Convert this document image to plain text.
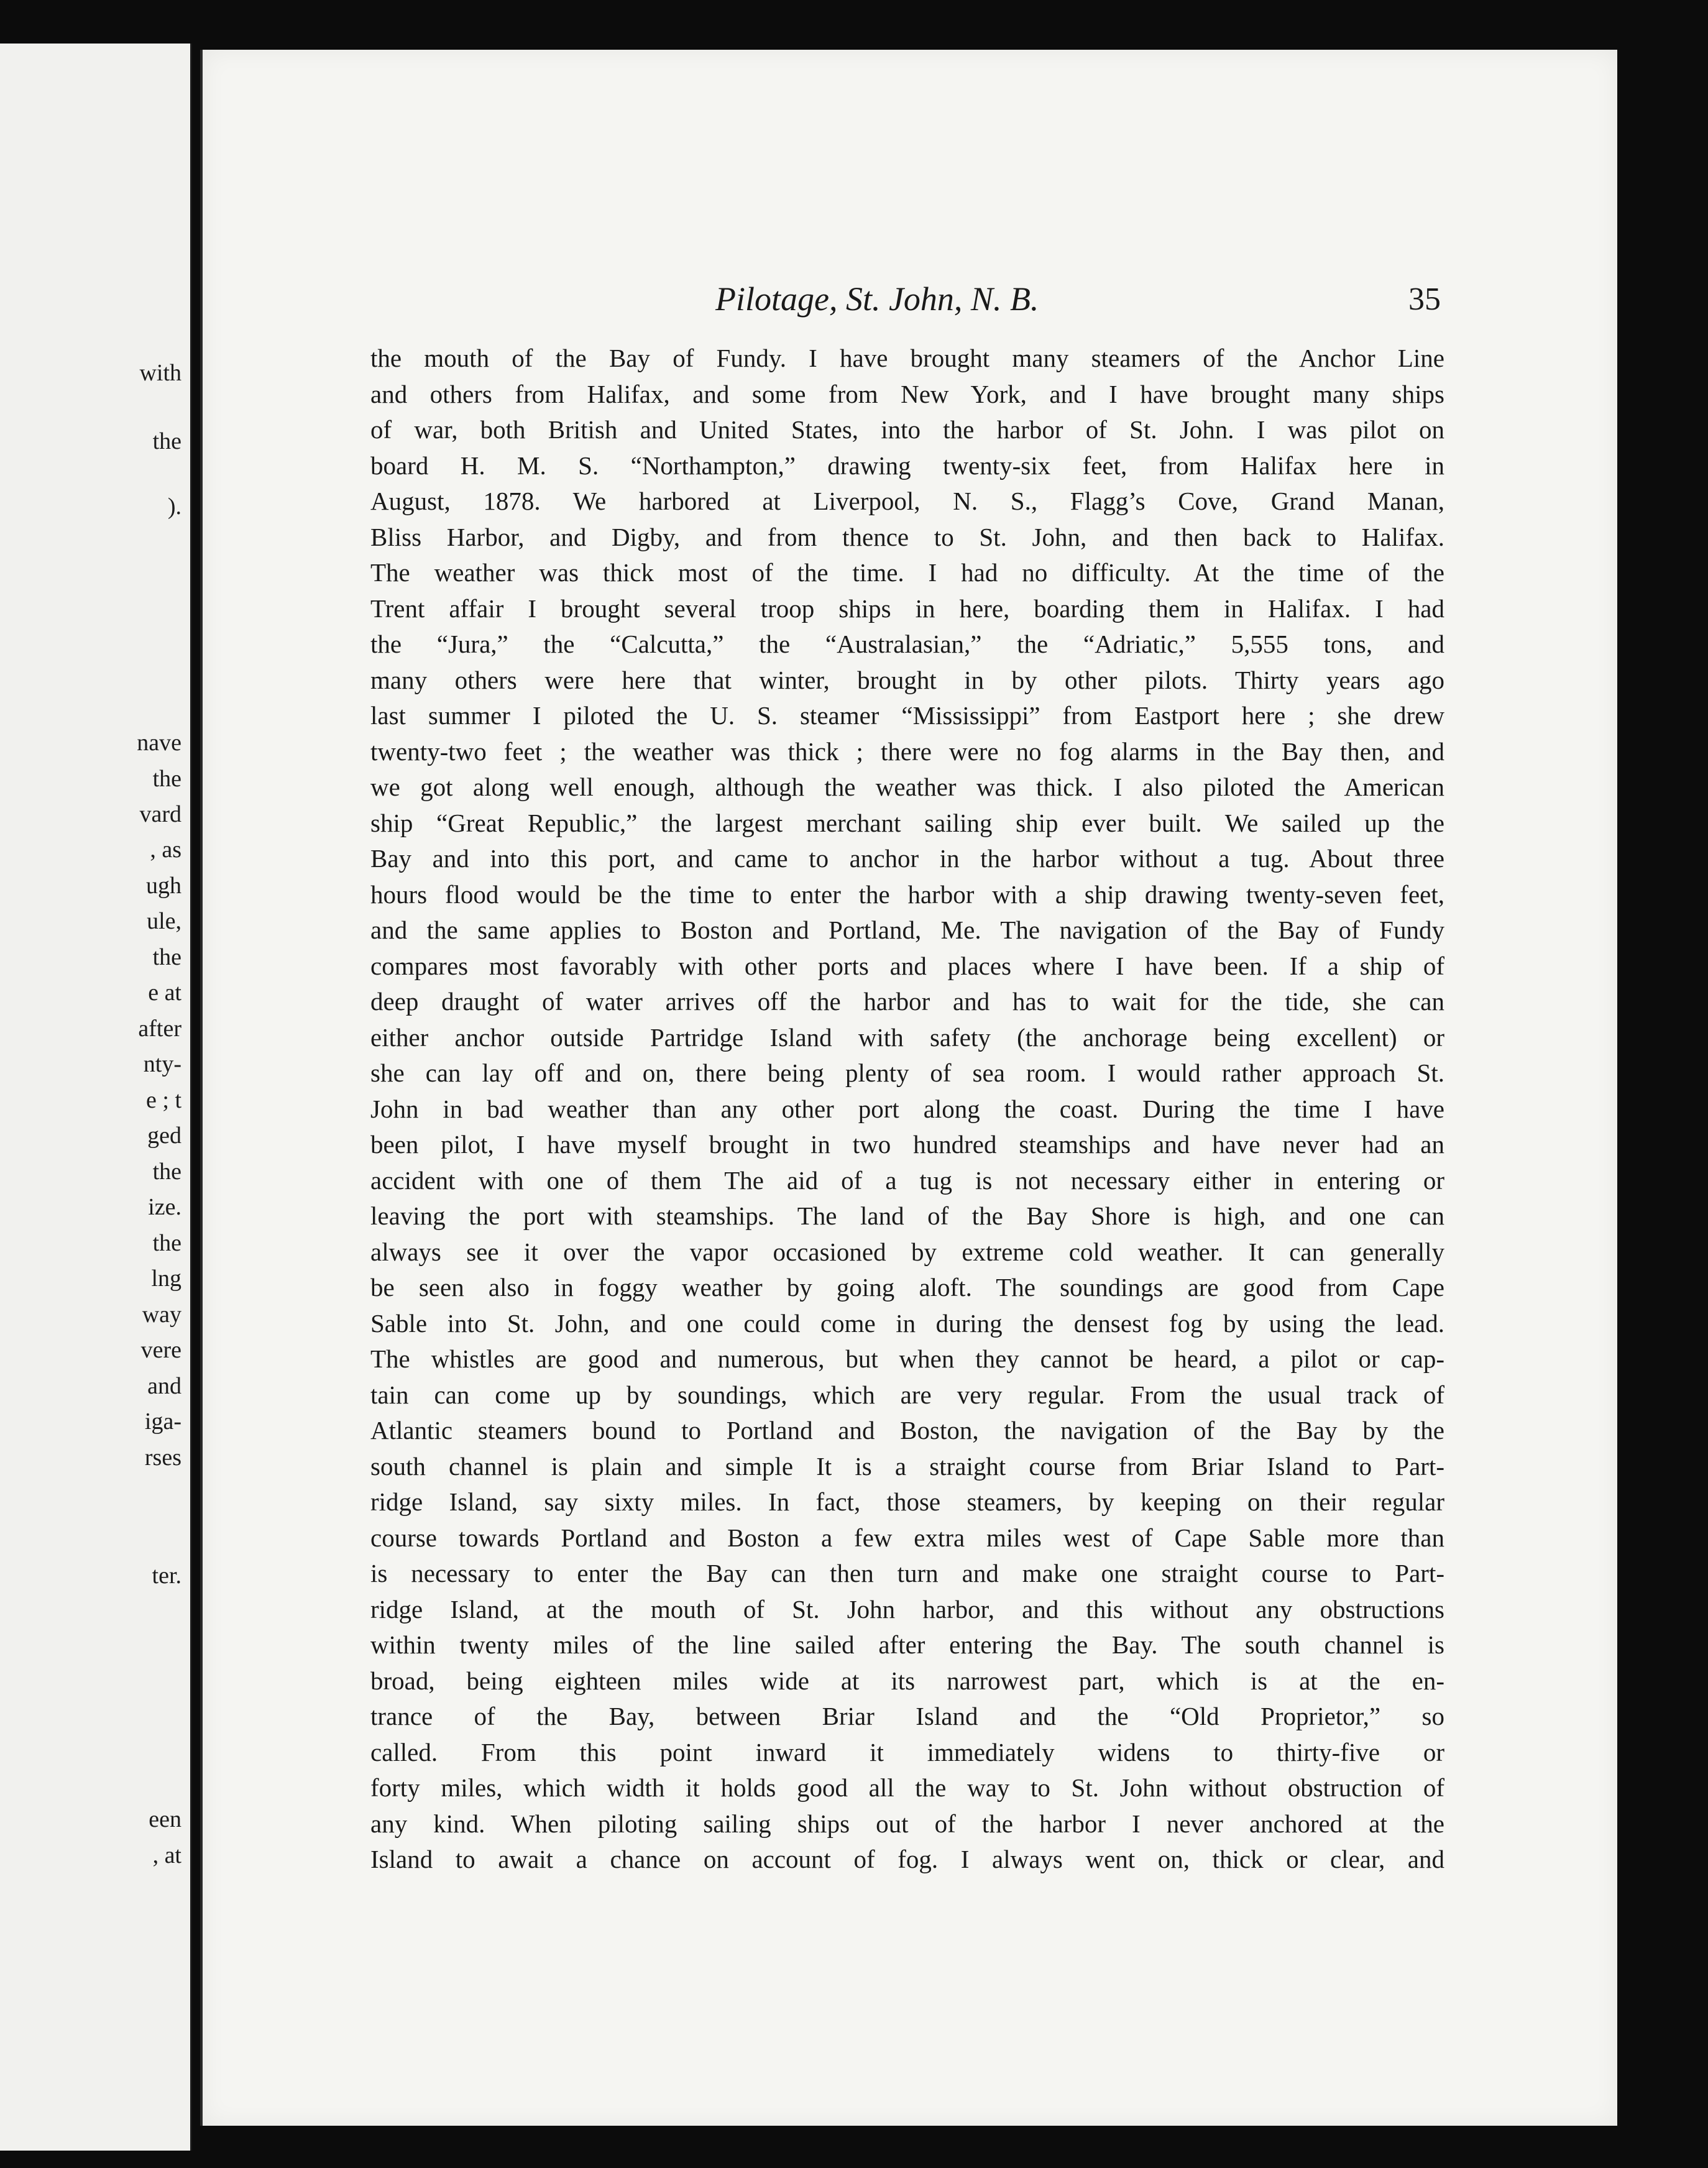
with

the

).

nave

the

vard

, as

ugh

ule,

the

e at

after

nty-

e ; t

ged

the

ize.

the

lng

way

vere

and

iga-

rses

ter.

een

, at

Pilotage, St. John, N. B.	35

the mouth of the Bay of Fundy. I have brought many steamers of the Anchor Line

and others from Halifax, and some from New York, and I have brought many ships

of war, both British and United States, into the harbor of St. John. I was pilot on

board H. M. S. “Northampton,” drawing twenty-six feet, from Halifax here in

August, 1878. We harbored at Liverpool, N. S., Flagg’s Cove, Grand Manan,

Bliss Harbor, and Digby, and from thence to St. John, and then back to Halifax.

The weather was thick most of the time. I had no difficulty. At the time of the

Trent affair I brought several troop ships in here, boarding them in Halifax. I had

the “Jura,” the “Calcutta,” the “Australasian,” the “Adriatic,” 5,555 tons, and

many others were here that winter, brought in by other pilots. Thirty years ago

last summer I piloted the U. S. steamer “Mississippi” from Eastport here ; she drew

twenty-two feet ; the weather was thick ; there were no fog alarms in the Bay then, and

we got along well enough, although the weather was thick. I also piloted the American

ship “Great Republic,” the largest merchant sailing ship ever built. We sailed up the

Bay and into this port, and came to anchor in the harbor without a tug. About three

hours flood would be the time to enter the harbor with a ship drawing twenty-seven feet,

and the same applies to Boston and Portland, Me. The navigation of the Bay of Fundy

compares most favorably with other ports and places where I have been. If a ship of

deep draught of water arrives off the harbor and has to wait for the tide, she can

either anchor outside Partridge Island with safety (the anchorage being excellent) or

she can lay off and on, there being plenty of sea room. I would rather approach St.

John in bad weather than any other port along the coast. During the time I have

been pilot, I have myself brought in two hundred steamships and have never had an

accident with one of them The aid of a tug is not necessary either in entering or

leaving the port with steamships. The land of the Bay Shore is high, and one can

always see it over the vapor occasioned by extreme cold weather. It can generally

be seen also in foggy weather by going aloft. The soundings are good from Cape

Sable into St. John, and one could come in during the densest fog by using the lead.

The whistles are good and numerous, but when they cannot be heard, a pilot or cap-

tain can come up by soundings, which are very regular. From the usual track of

Atlantic steamers bound to Portland and Boston, the navigation of the Bay by the

south channel is plain and simple It is a straight course from Briar Island to Part-

ridge Island, say sixty miles. In fact, those steamers, by keeping on their regular

course towards Portland and Boston a few extra miles west of Cape Sable more than

is necessary to enter the Bay can then turn and make one straight course to Part-

ridge Island, at the mouth of St. John harbor, and this without any obstructions

within twenty miles of the line sailed after entering the Bay. The south channel is

broad, being eighteen miles wide at its narrowest part, which is at the en-

trance of the Bay, between Briar Island and the “Old Proprietor,” so

called. From this point inward it immediately widens to thirty-five or

forty miles, which width it holds good all the way to St. John without obstruction of

any kind. When piloting sailing ships out of the harbor I never anchored at the

Island to await a chance on account of fog. I always went on, thick or clear, and
